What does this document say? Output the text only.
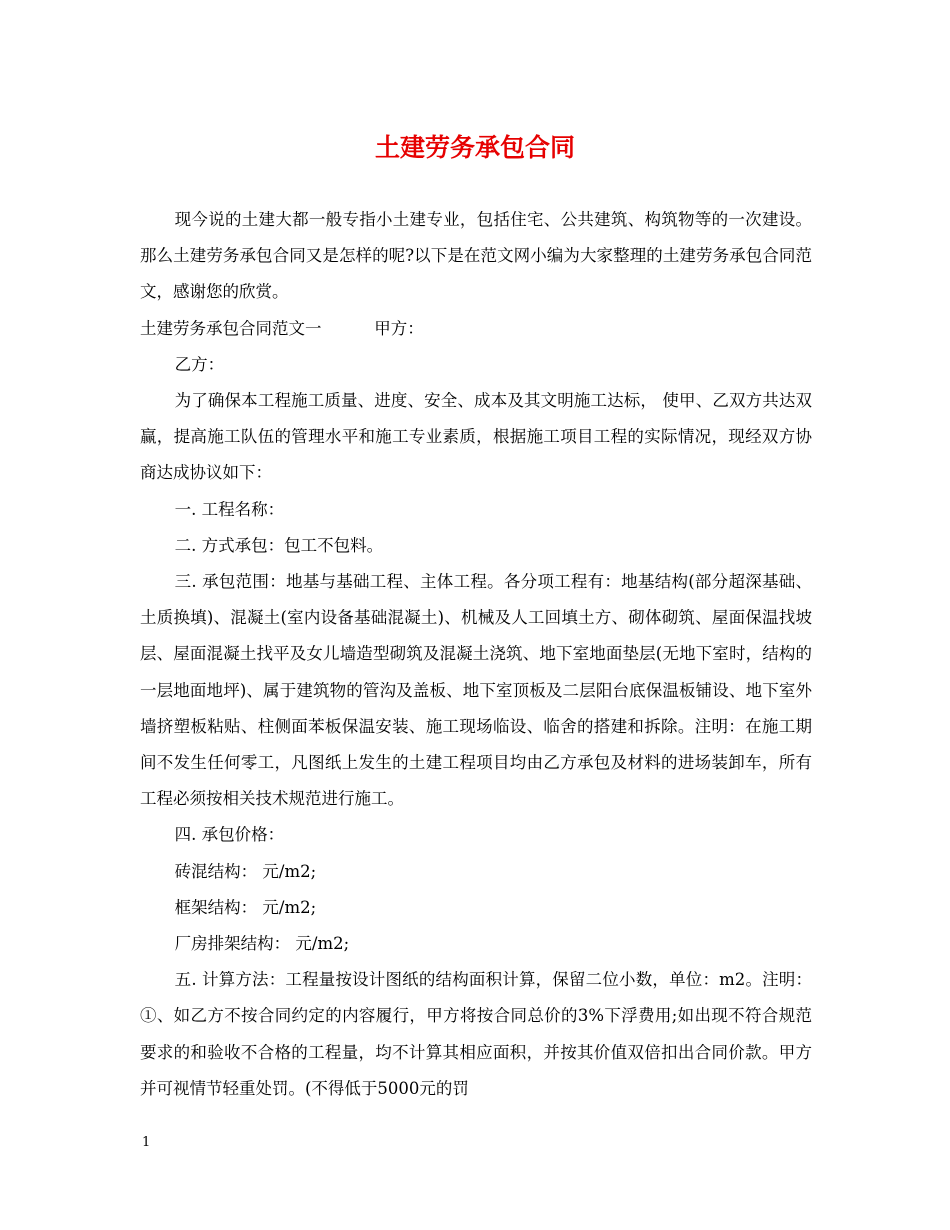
土建劳务承包合同

现今说的土建大都一般专指小土建专业，包括住宅、公共建筑、构筑物等的一次建设。那么土建劳务承包合同又是怎样的呢?以下是在范文网小编为大家整理的土建劳务承包合同范文，感谢您的欣赏。

土建劳务承包合同范文一	甲方：

乙方：

为了确保本工程施工质量、进度、安全、成本及其文明施工达标， 使甲、乙双方共达双赢，提高施工队伍的管理水平和施工专业素质，根据施工项目工程的实际情况，现经双方协商达成协议如下：

一. 工程名称：

二. 方式承包：包工不包料。

三. 承包范围：地基与基础工程、主体工程。各分项工程有：地基结构(部分超深基础、土质换填)、混凝土(室内设备基础混凝土)、机械及人工回填土方、砌体砌筑、屋面保温找坡层、屋面混凝土找平及女儿墙造型砌筑及混凝土浇筑、地下室地面垫层(无地下室时，结构的一层地面地坪)、属于建筑物的管沟及盖板、地下室顶板及二层阳台底保温板铺设、地下室外墙挤塑板粘贴、柱侧面苯板保温安装、施工现场临设、临舍的搭建和拆除。注明：在施工期间不发生任何零工，凡图纸上发生的土建工程项目均由乙方承包及材料的进场装卸车，所有工程必须按相关技术规范进行施工。

四. 承包价格：

砖混结构： 元/m2;

框架结构： 元/m2;

厂房排架结构： 元/m2;

五. 计算方法：工程量按设计图纸的结构面积计算，保留二位小数，单位：m2。注明：①、如乙方不按合同约定的内容履行，甲方将按合同总价的3%下浮费用;如出现不符合规范要求的和验收不合格的工程量，均不计算其相应面积，并按其价值双倍扣出合同价款。甲方并可视情节轻重处罚。(不得低于5000元的罚

1
